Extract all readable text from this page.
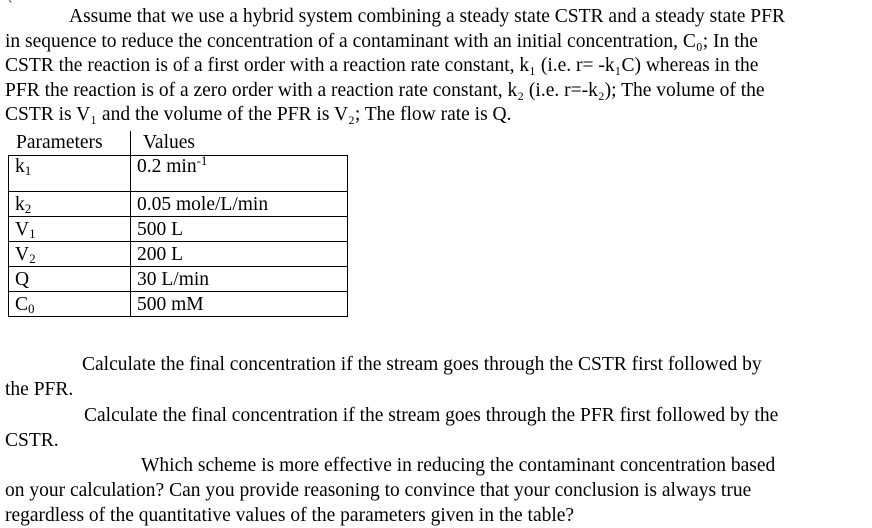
`	Assume that we use a hybrid system combining a steady state CSTR and a steady state PFR
in sequence to reduce the concentration of a contaminant with an initial concentration, C₀; In the
CSTR the reaction is of a first order with a reaction rate constant, k₁ (i.e. r= -k₁C) whereas in the
PFR the reaction is of a zero order with a reaction rate constant, k₂ (i.e. r=-k₂); The volume of the
CSTR is V₁ and the volume of the PFR is V₂; The flow rate is Q.
Parameters Values

$k_1$	0.2 $\min^{-1}$
$k_2$	0.05 mole/L/min
$V_1$	500 L
$V_2$	200 L
Q	30 L/min
$C_0$	500 mM
Calculate the final concentration if the stream goes through the CSTR first followed by
the PFR.
Calculate the final concentration if the stream goes through the PFR first followed by the
CSTR.
Which scheme is more effective in reducing the contaminant concentration based
on your calculation? Can you provide reasoning to convince that your conclusion is always true
regardless of the quantitative values of the parameters given in the table?
